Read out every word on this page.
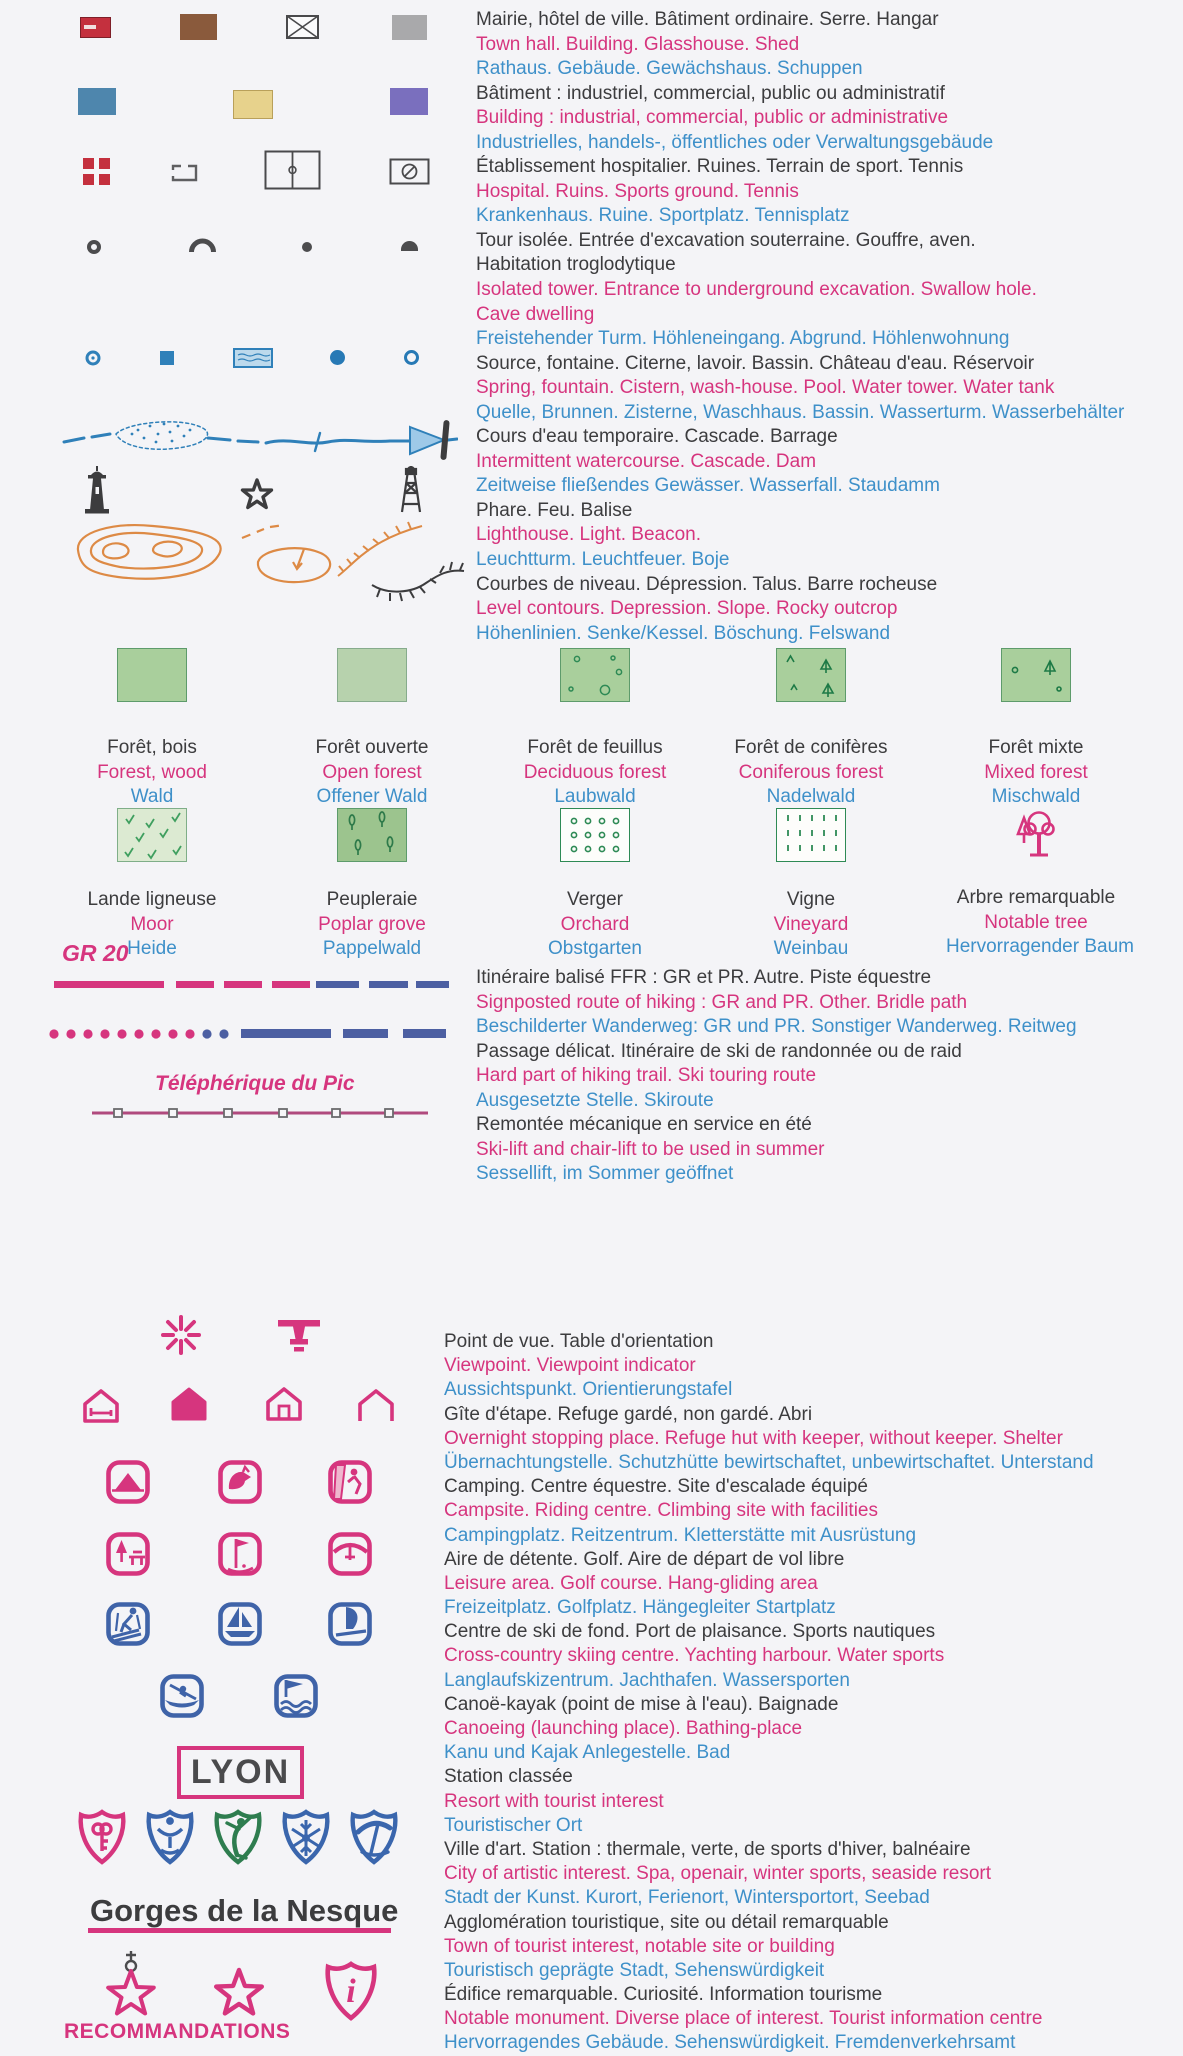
Mairie, hôtel de ville. Bâtiment ordinaire. Serre. Hangar
Town hall. Building. Glasshouse. Shed
Rathaus. Gebäude. Gewächshaus. Schuppen
Bâtiment : industriel, commercial, public ou administratif
Building : industrial, commercial, public or administrative
Industrielles, handels-, öffentliches oder Verwaltungsgebäude
Établissement hospitalier. Ruines. Terrain de sport. Tennis
Hospital. Ruins. Sports ground. Tennis
Krankenhaus. Ruine. Sportplatz. Tennisplatz
Tour isolée. Entrée d'excavation souterraine. Gouffre, aven.
Habitation troglodytique
Isolated tower. Entrance to underground excavation. Swallow hole.
Cave dwelling
Freistehender Turm. Höhleneingang. Abgrund. Höhlenwohnung
Source, fontaine. Citerne, lavoir. Bassin. Château d'eau. Réservoir
Spring, fountain. Cistern, wash-house. Pool. Water tower. Water tank
Quelle, Brunnen. Zisterne, Waschhaus. Bassin. Wasserturm. Wasserbehälter
Cours d'eau temporaire. Cascade. Barrage
Intermittent watercourse. Cascade. Dam
Zeitweise fließendes Gewässer. Wasserfall. Staudamm
Phare. Feu. Balise
Lighthouse. Light. Beacon.
Leuchtturm. Leuchtfeuer. Boje
Courbes de niveau. Dépression. Talus. Barre rocheuse
Level contours. Depression. Slope. Rocky outcrop
Höhenlinien. Senke/Kessel. Böschung. Felswand
Forêt, bois
Forest, wood
Wald
Forêt ouverte
Open forest
Offener Wald
Forêt de feuillus
Deciduous forest
Laubwald
Forêt de conifères
Coniferous forest
Nadelwald
Forêt mixte
Mixed forest
Mischwald
Lande ligneuse
Moor
Heide
Peupleraie
Poplar grove
Pappelwald
Verger
Orchard
Obstgarten
Vigne
Vineyard
Weinbau
Arbre remarquable
Notable tree
Hervorragender Baum
GR 20
Téléphérique du Pic
Itinéraire balisé FFR : GR et PR. Autre. Piste équestre
Signposted route of hiking : GR and PR. Other. Bridle path
Beschilderter Wanderweg: GR und PR. Sonstiger Wanderweg. Reitweg
Passage délicat. Itinéraire de ski de randonnée ou de raid
Hard part of hiking trail. Ski touring route
Ausgesetzte Stelle. Skiroute
Remontée mécanique en service en été
Ski-lift and chair-lift to be used in summer
Sessellift, im Sommer geöffnet
LYON
Gorges de la Nesque
i
RECOMMANDATIONS
Point de vue. Table d'orientation
Viewpoint. Viewpoint indicator
Aussichtspunkt. Orientierungstafel
Gîte d'étape. Refuge gardé, non gardé. Abri
Overnight stopping place. Refuge hut with keeper, without keeper. Shelter
Übernachtungstelle. Schutzhütte bewirtschaftet, unbewirtschaftet. Unterstand
Camping. Centre équestre. Site d'escalade équipé
Campsite. Riding centre. Climbing site with facilities
Campingplatz. Reitzentrum. Kletterstätte mit Ausrüstung
Aire de détente. Golf. Aire de départ de vol libre
Leisure area. Golf course. Hang-gliding area
Freizeitplatz. Golfplatz. Hängegleiter Startplatz
Centre de ski de fond. Port de plaisance. Sports nautiques
Cross-country skiing centre. Yachting harbour. Water sports
Langlaufskizentrum. Jachthafen. Wassersporten
Canoë-kayak (point de mise à l'eau). Baignade
Canoeing (launching place). Bathing-place
Kanu und Kajak Anlegestelle. Bad
Station classée
Resort with tourist interest
Touristischer Ort
Ville d'art. Station : thermale, verte, de sports d'hiver, balnéaire
City of artistic interest. Spa, openair, winter sports, seaside resort
Stadt der Kunst. Kurort, Ferienort, Wintersportort, Seebad
Agglomération touristique, site ou détail remarquable
Town of tourist interest, notable site or building
Touristisch geprägte Stadt, Sehenswürdigkeit
Édifice remarquable. Curiosité. Information tourisme
Notable monument. Diverse place of interest. Tourist information centre
Hervorragendes Gebäude. Sehenswürdigkeit. Fremdenverkehrsamt
